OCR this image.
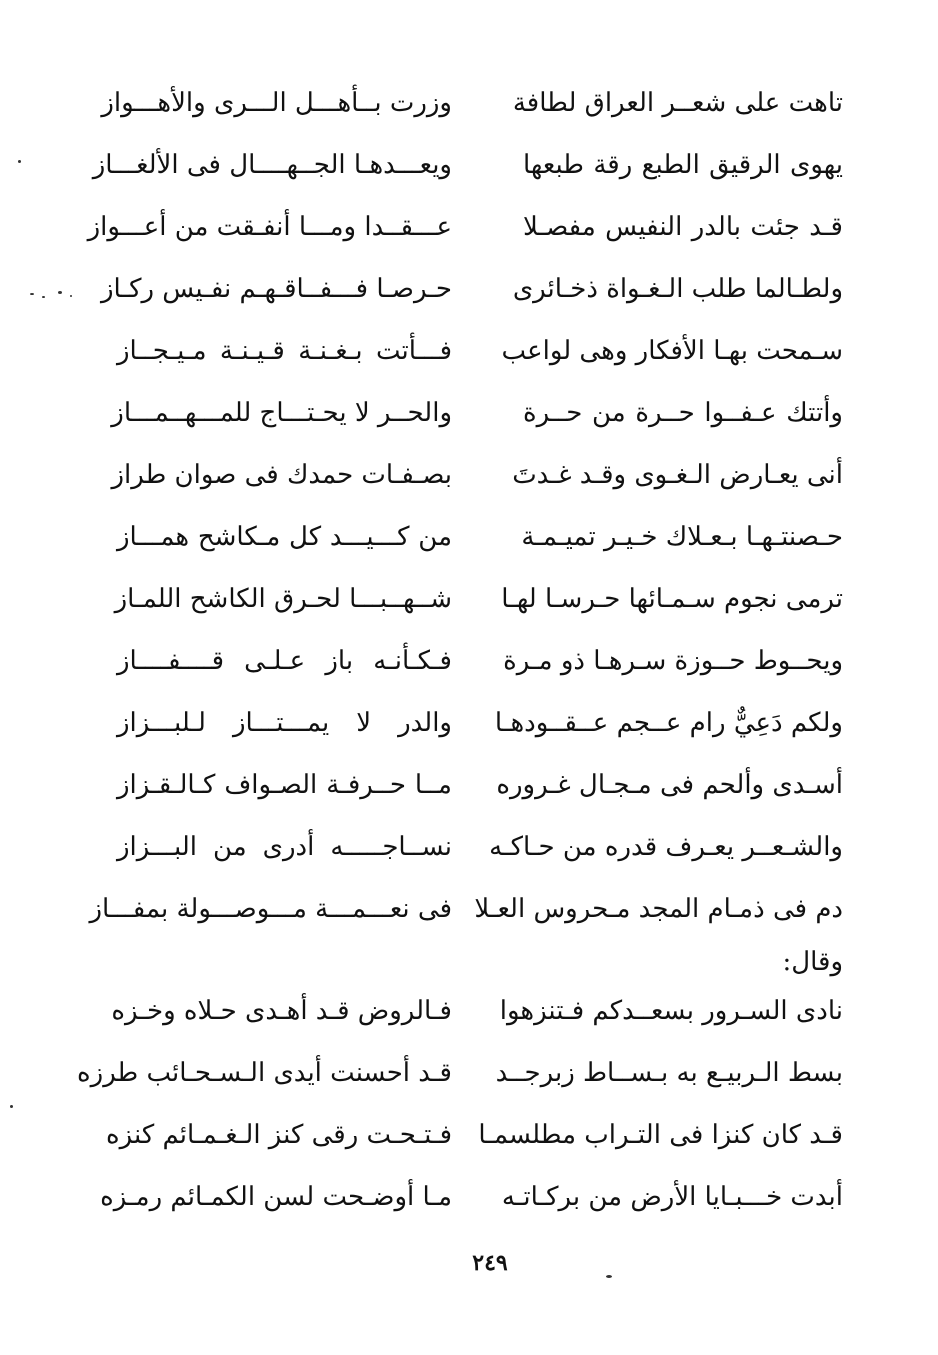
تاهت على شعــر العراق لطافة
يهوى الرقيق الطبع رقة طبعها
قـد جئت بالدر النفيس مفصـلا
ولطـالما طلب الـغـواة ذخـائرى
سـمحت بهـا الأفكار وهى لواعب
وأتتك عـفــوا حــرة من حــرة
أنى يعـارض الـغـوى وقـد غـدتَ
حـصنتـهـا بـعـلاك خـيـر تميـمـة
ترمى نجوم سـمـائها حـرسـا لهـا
ويحــوط حــوزة سـرهـا ذو مـرة
ولكم دَعِيٌّ رام عــجم عــقــودهـا
أسـدى وألحم فى مـجـال غـروره
والشـعــر يعـرف قدره من حـاكـه
دم فى ذمـام المجد مـحروس العـلا
وزرت بــأهـــل الـــرى والأهـــواز
ويعـــدهـا الجــهــــال فى الألغـــاز
عـــقــدا ومـــا أنفـقت من أعـــواز
حـرصـا فـــفــاقـهـم نفـيس ركـاز
فـــأتت بـغـنـة قـيـنـة مـيـجــاز
والحــر لا يحـتـــاج للمـــهــمـــاز
بصـفـات حمدك فى صوان طراز
من كـــيـــد كل مـكاشح همـــاز
شــهــبـــا لحـرق الكاشح اللمـاز
فـكـأنـه باز عـلـى قــــفــــاز
والدر لا يمـــتـــاز لـلبـــزاز
مــا حــرفـة الصـواف كـالـقـزاز
نســاجـــــه أدرى من البـــزاز
فى نعـــمـــة مـــوصـــولة بمفـــاز
وقال:
نادى السـرور بسعــدكم فـتنزهوا
بسط الـربيـع به بـســاط زبرجــد
قـد كان كنزا فى التـراب مطلسمـا
أبدت خـــبـايا الأرض من بركـاتـه
فـالروض قـد أهـدى حـلاه وخـزه
قـد أحسنت أيدى الـسـحـائب طرزه
فـتـحـت رقى كنز الـغـمـائم كنزه
مـا أوضـحت لسن الكمـائم رمـزه
٢٤٩
